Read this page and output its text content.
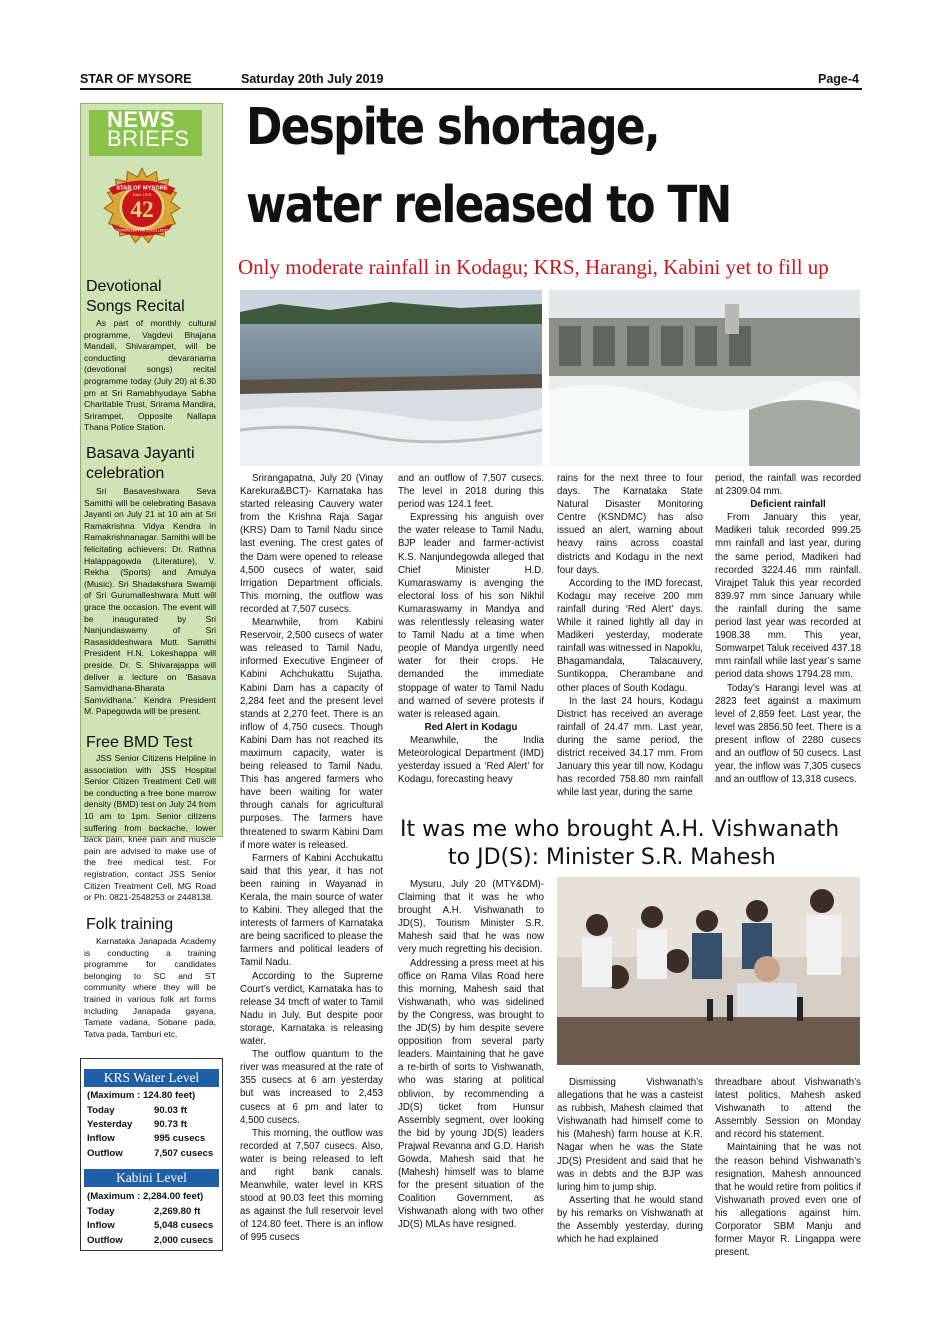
STAR OF MYSORE	Saturday 20th July 2019	Page-4
NEWS
BRIEFS
STAR OF MYSORE
Estd. 1978
42
JOURNALISM PAR EXCELLENCE
Devotional
Songs Recital
As part of monthly cultural programme, Vagdevi Bhajana Mandali, Shivarampet, will be conducting devaranama (devotional songs) recital programme today (July 20) at 6.30 pm at Sri Ramabhyudaya Sabha Charitable Trust, Srirama Mandira, Srirampet, Opposite Nallapa Thana Police Station.
Basava Jayanti
celebration
Sri Basaveshwara Seva Samithi will be celebrating Basava Jayanti on July 21 at 10 am at Sri Ramakrishna Vidya Kendra in Ramakrishnanagar. Samithi will be felicitating achievers: Dr. Rathna Halappagowda (Literature), V. Rekha (Sports) and Amulya (Music). Sri Shadakshara Swamiji of Sri Gurumalleshwara Mutt will grace the occasion. The event will be inaugurated by Sri Nanjundaswamy of Sri Rasasiddeshwara Mutt. Samithi President H.N. Lokeshappa will preside. Dr. S. Shivarajappa will deliver a lecture on ‘Basava Samvidhana-Bharata Samvidhana.’ Kendra President M. Papegowda will be present.
Free BMD Test
JSS Senior Citizens Helpline in association with JSS Hospital Senior Citizen Treatment Cell will be conducting a free bone marrow density (BMD) test on July 24 from 10 am to 1pm. Senior citizens suffering from backache, lower back pain, knee pain and muscle pain are advised to make use of the free medical test. For registration, contact JSS Senior Citizen Treatment Cell, MG Road or Ph: 0821-2548253 or 2448138.
Folk training
Karnataka Janapada Academy is conducting a training programme for candidates belonging to SC and ST community where they will be trained in various folk art forms including Janapada gayana, Tamate vadana, Sobane pada, Tatva pada, Tamburi etc.
KRS Water Level
(Maximum : 124.80 feet)
Today	90.03 ft
Yesterday 90.73 ft
Inflow	995 cusecs
Outflow	7,507 cusecs
Kabini Level
(Maximum : 2,284.00 feet)
Today	2,269.80 ft
Inflow	5,048 cusecs
Outflow	2,000 cusecs
Despite shortage,
water released to TN
Only moderate rainfall in Kodagu; KRS, Harangi, Kabini yet to fill up

Srirangapatna, July 20 (Vinay Karekura&BCT)- Karnataka has started releasing Cauvery water from the Krishna Raja Sagar (KRS) Dam to Tamil Nadu since last evening. The crest gates of the Dam were opened to release 4,500 cusecs of water, said Irrigation Department officials. This morning, the outflow was recorded at 7,507 cusecs.

Meanwhile, from Kabini Reservoir, 2,500 cusecs of water was released to Tamil Nadu, informed Executive Engineer of Kabini Achchukattu Sujatha. Kabini Dam has a capacity of 2,284 feet and the present level stands at 2,270 feet. There is an inflow of 4,750 cusecs. Though Kabini Dam has not reached its maximum capacity, water is being released to Tamil Nadu. This has angered farmers who have been waiting for water through canals for agricultural purposes. The farmers have threatened to swarm Kabini Dam if more water is released.

Farmers of Kabini Acchukattu said that this year, it has not been raining in Wayanad in Kerala, the main source of water to Kabini. They alleged that the interests of farmers of Karnataka are being sacrificed to please the farmers and political leaders of Tamil Nadu.

According to the Supreme Court’s verdict, Karnataka has to release 34 tmcft of water to Tamil Nadu in July. But despite poor storage, Karnataka is releasing water.

The outflow quantum to the river was measured at the rate of 355 cusecs at 6 am yesterday but was increased to 2,453 cusecs at 6 pm and later to 4,500 cusecs.

This morning, the outflow was recorded at 7,507 cusecs. Also, water is being released to left and right bank canals. Meanwhile, water level in KRS stood at 90.03 feet this morning as against the full reservoir level of 124.80 feet. There is an inflow of 995 cusecs

and an outflow of 7,507 cusecs. The level in 2018 during this period was 124.1 feet.

Expressing his anguish over the water release to Tamil Nadu, BJP leader and farmer-activist K.S. Nanjundegowda alleged that Chief Minister H.D. Kumaraswamy is avenging the electoral loss of his son Nikhil Kumaraswamy in Mandya and was relentlessly releasing water to Tamil Nadu at a time when people of Mandya urgently need water for their crops. He demanded the immediate stoppage of water to Tamil Nadu and warned of severe protests if water is released again.

Red Alert in Kodagu

Meanwhile, the India Meteorological Department (IMD) yesterday issued a ‘Red Alert’ for Kodagu, forecasting heavy

rains for the next three to four days. The Karnataka State Natural Disaster Monitoring Centre (KSNDMC) has also issued an alert, warning about heavy rains across coastal districts and Kodagu in the next four days.

According to the IMD forecast, Kodagu may receive 200 mm rainfall during ‘Red Alert’ days. While it rained lightly all day in Madikeri yesterday, moderate rainfall was witnessed in Napoklu, Bhagamandala, Talacauvery, Suntikoppa, Cherambane and other places of South Kodagu.

In the last 24 hours, Kodagu District has received an average rainfall of 24.47 mm. Last year, during the same period, the district received 34.17 mm. From January this year till now, Kodagu has recorded 758.80 mm rainfall while last year, during the same

period, the rainfall was recorded at 2309.04 mm.

Deficient rainfall

From January this year, Madikeri taluk recorded 999.25 mm rainfall and last year, during the same period, Madikeri had recorded 3224.46 mm rainfall. Virajpet Taluk this year recorded 839.97 mm since January while the rainfall during the same period last year was recorded at 1908.38 mm. This year, Somwarpet Taluk received 437.18 mm rainfall while last year’s same period data shows 1794.28 mm.

Today’s Harangi level was at 2823 feet against a maximum level of 2,859 feet. Last year, the level was 2856.50 feet. There is a present inflow of 2280 cusecs and an outflow of 50 cusecs. Last year, the inflow was 7,305 cusecs and an outflow of 13,318 cusecs.

It was me who brought A.H. Vishwanath
to JD(S): Minister S.R. Mahesh

Mysuru, July 20 (MTY&DM)- Claiming that it was he who brought A.H. Vishwanath to JD(S), Tourism Minister S.R. Mahesh said that he was now very much regretting his decision.

Addressing a press meet at his office on Rama Vilas Road here this morning, Mahesh said that Vishwanath, who was sidelined by the Congress, was brought to the JD(S) by him despite severe opposition from several party leaders. Maintaining that he gave a re-birth of sorts to Vishwanath, who was staring at political oblivion, by recommending a JD(S) ticket from Hunsur Assembly segment, over looking the bid by young JD(S) leaders Prajwal Revanna and G.D. Harish Gowda, Mahesh said that he (Mahesh) himself was to blame for the present situation of the Coalition Government, as Vishwanath along with two other JD(S) MLAs have resigned.

Dismissing Vishwanath’s allegations that he was a casteist as rubbish, Mahesh claimed that Vishwanath had himself come to his (Mahesh) farm house at K.R. Nagar when he was the State JD(S) President and said that he was in debts and the BJP was luring him to jump ship.

Asserting that he would stand by his remarks on Vishwanath at the Assembly yesterday, during which he had explained

threadbare about Vishwanath’s latest politics, Mahesh asked Vishwanath to attend the Assembly Session on Monday and record his statement.

Maintaining that he was not the reason behind Vishwanath’s resignation, Mahesh announced that he would retire from politics if Vishwanath proved even one of his allegations against him. Corporator SBM Manju and former Mayor R. Lingappa were present.
